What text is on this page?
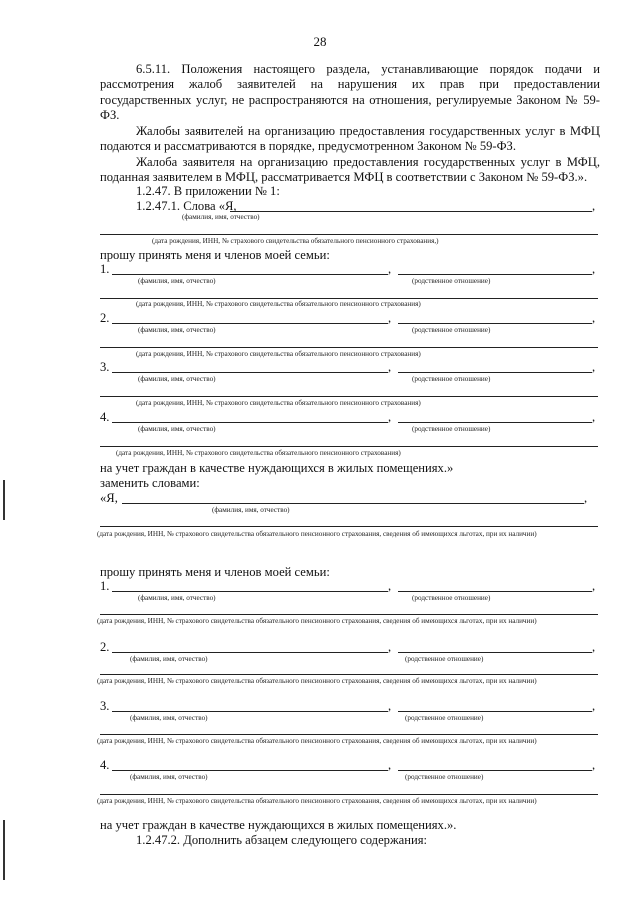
28
6.5.11. Положения настоящего раздела, устанавливающие порядок подачи и рассмотрения жалоб заявителей на нарушения их прав при предоставлении государственных услуг, не распространяются на отношения, регулируемые Законом № 59-ФЗ.
Жалобы заявителей на организацию предоставления государственных услуг в МФЦ подаются и рассматриваются в порядке, предусмотренном Законом № 59-ФЗ.
Жалоба заявителя на организацию предоставления государственных услуг в МФЦ, поданная заявителем в МФЦ, рассматривается МФЦ в соответствии с Законом № 59-ФЗ.».
1.2.47. В приложении № 1:
1.2.47.1. Слова «Я,	,
(фамилия, имя, отчество)
(дата рождения, ИНН, № страхового свидетельства обязательного пенсионного страхования,)
прошу принять меня и членов моей семьи:
1.	,	,
(фамилия, имя, отчество)	(родственное отношение)
(дата рождения, ИНН, № страхового свидетельства обязательного пенсионного страхования)
2.	,	,
(фамилия, имя, отчество)	(родственное отношение)
(дата рождения, ИНН, № страхового свидетельства обязательного пенсионного страхования)
3.	,	,
(фамилия, имя, отчество)	(родственное отношение)
(дата рождения, ИНН, № страхового свидетельства обязательного пенсионного страхования)
4.	,	,
(фамилия, имя, отчество)	(родственное отношение)
(дата рождения, ИНН, № страхового свидетельства обязательного пенсионного страхования)
на учет граждан в качестве нуждающихся в жилых помещениях.»
заменить словами:
«Я,	,
(фамилия, имя, отчество)
(дата рождения, ИНН, № страхового свидетельства обязательного пенсионного страхования, сведения об имеющихся льготах, при их наличии)
прошу принять меня и членов моей семьи:
1.	,	,
(фамилия, имя, отчество)	(родственное отношение)
(дата рождения, ИНН, № страхового свидетельства обязательного пенсионного страхования, сведения об имеющихся льготах, при их наличии)
2.	,	,
(фамилия, имя, отчество)	(родственное отношение)
(дата рождения, ИНН, № страхового свидетельства обязательного пенсионного страхования, сведения об имеющихся льготах, при их наличии)
3.	,	,
(фамилия, имя, отчество)	(родственное отношение)
(дата рождения, ИНН, № страхового свидетельства обязательного пенсионного страхования, сведения об имеющихся льготах, при их наличии)
4.	,	,
(фамилия, имя, отчество)	(родственное отношение)
(дата рождения, ИНН, № страхового свидетельства обязательного пенсионного страхования, сведения об имеющихся льготах, при их наличии)
на учет граждан в качестве нуждающихся в жилых помещениях.».
1.2.47.2. Дополнить абзацем следующего содержания:
